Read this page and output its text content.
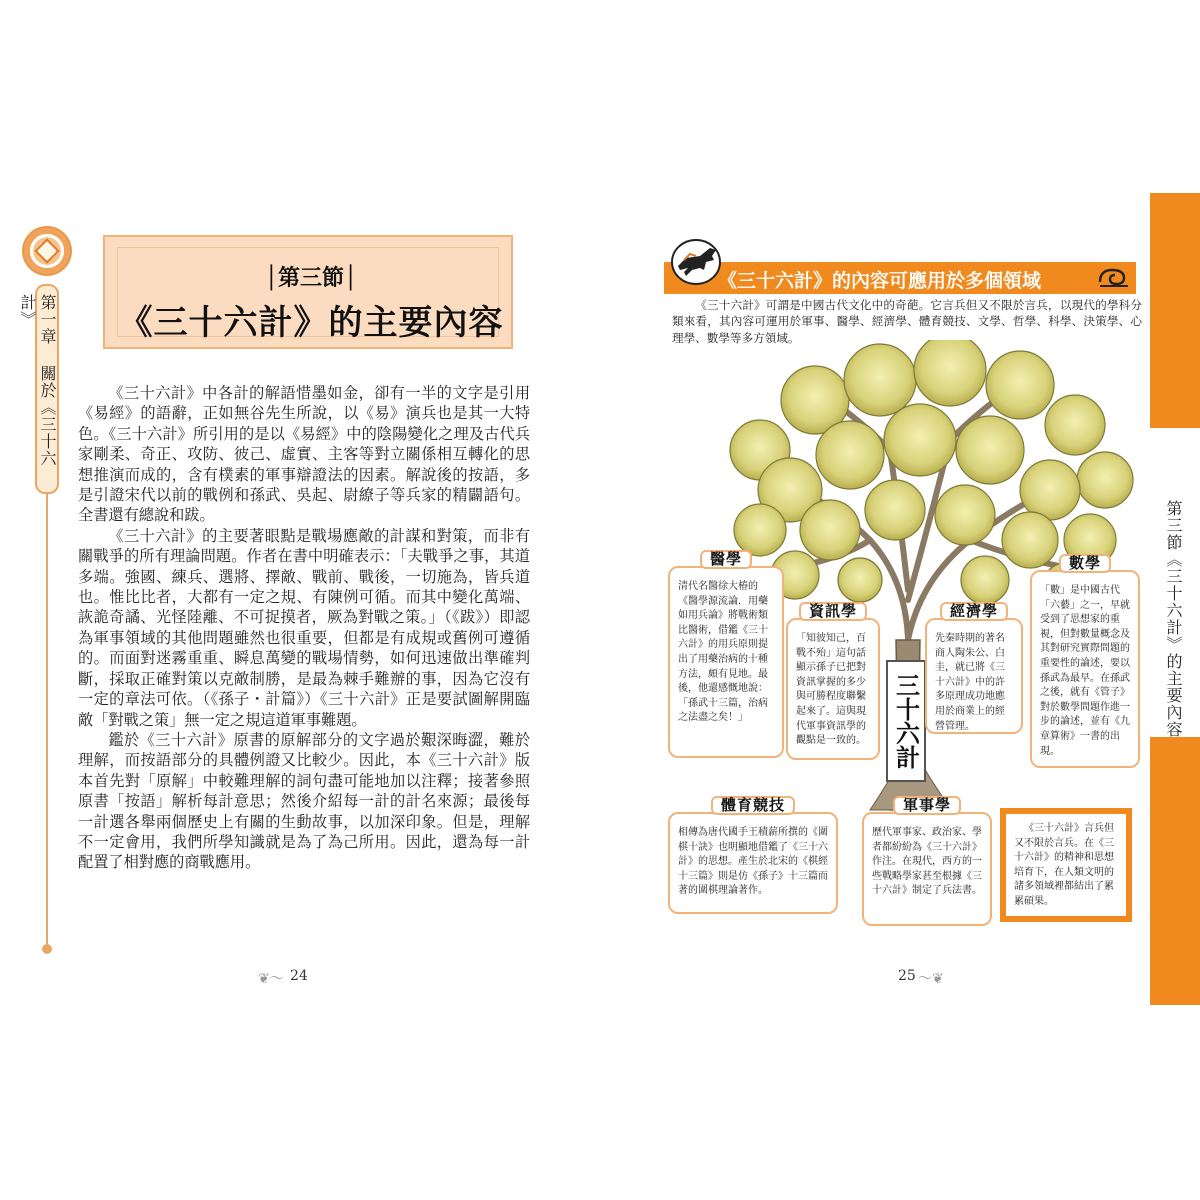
第一章 關於《三十六計》
│第三節│
《三十六計》的主要內容

《三十六計》中各計的解語惜墨如金，卻有一半的文字是引用《易經》的語辭，正如無谷先生所說，以《易》演兵也是其一大特色。《三十六計》所引用的是以《易經》中的陰陽變化之理及古代兵家剛柔、奇正、攻防、彼己、虛實、主客等對立關係相互轉化的思想推演而成的，含有樸素的軍事辯證法的因素。解說後的按語，多是引證宋代以前的戰例和孫武、吳起、尉繚子等兵家的精闢語句。全書還有總說和跋。

《三十六計》的主要著眼點是戰場應敵的計謀和對策，而非有關戰爭的所有理論問題。作者在書中明確表示：「夫戰爭之事，其道多端。強國、練兵、選將、擇敵、戰前、戰後，一切施為，皆兵道也。惟比比者，大都有一定之規、有陳例可循。而其中變化萬端、詼詭奇譎、光怪陸離、不可捉摸者，厥為對戰之策。」（《跋》）即認為軍事領域的其他問題雖然也很重要，但都是有成規或舊例可遵循的。而面對迷霧重重、瞬息萬變的戰場情勢，如何迅速做出準確判斷，採取正確對策以克敵制勝，是最為棘手難辦的事，因為它沒有一定的章法可依。（《孫子・計篇》）《三十六計》正是要試圖解開臨敵「對戰之策」無一定之規這道軍事難題。

鑑於《三十六計》原書的原解部分的文字過於艱深晦澀，難於理解，而按語部分的具體例證又比較少。因此，本《三十六計》版本首先對「原解」中較難理解的詞句盡可能地加以注釋；接著參照原書「按語」解析每計意思；然後介紹每一計的計名來源；最後每一計選各舉兩個歷史上有關的生動故事，以加深印象。但是，理解不一定會用，我們所學知識就是為了為己所用。因此，還為每一計配置了相對應的商戰應用。

❦～ 24
第三節《三十六計》的主要內容
《三十六計》的內容可應用於多個領域

《三十六計》可謂是中國古代文化中的奇葩。它言兵但又不限於言兵，以現代的學科分類來看，其內容可運用於軍事、醫學、經濟學、體育競技、文學、哲學、科學、決策學、心理學、數學等多方領域。

三十六計
醫學
清代名醫徐大椿的《醫學源流論．用藥如用兵論》將戰術類比醫術，借鑑《三十六計》的用兵原則提出了用藥治病的十種方法，頗有見地。最後，他還感慨地說：「孫武十三篇，治病之法盡之矣！」
資訊學
「知彼知己，百戰不殆」這句話顯示孫子已把對資訊掌握的多少與可勝程度聯繫起來了。這與現代軍事資訊學的觀點是一致的。
經濟學
先秦時期的著名商人陶朱公、白圭，就已將《三十六計》中的許多原理成功地應用於商業上的經營管理。
數學
「數」是中國古代「六藝」之一，早就受到了思想家的重視，但對數量概念及其對研究實際問題的重要性的論述，要以孫武為最早。在孫武之後，就有《管子》對於數學問題作進一步的論述，並有《九章算術》一書的出現。
體育競技
相傳為唐代國手王積薪所撰的《圍棋十訣》也明顯地借鑑了《三十六計》的思想。產生於北宋的《棋經十三篇》則是仿《孫子》十三篇而著的圍棋理論著作。
軍事學
歷代軍事家、政治家、學者都紛紛為《三十六計》作注。在現代，西方的一些戰略學家甚至根據《三十六計》制定了兵法書。

《三十六計》言兵但又不限於言兵。在《三十六計》的精神和思想培育下，在人類文明的諸多領域裡都結出了累累碩果。

25 ～❦
